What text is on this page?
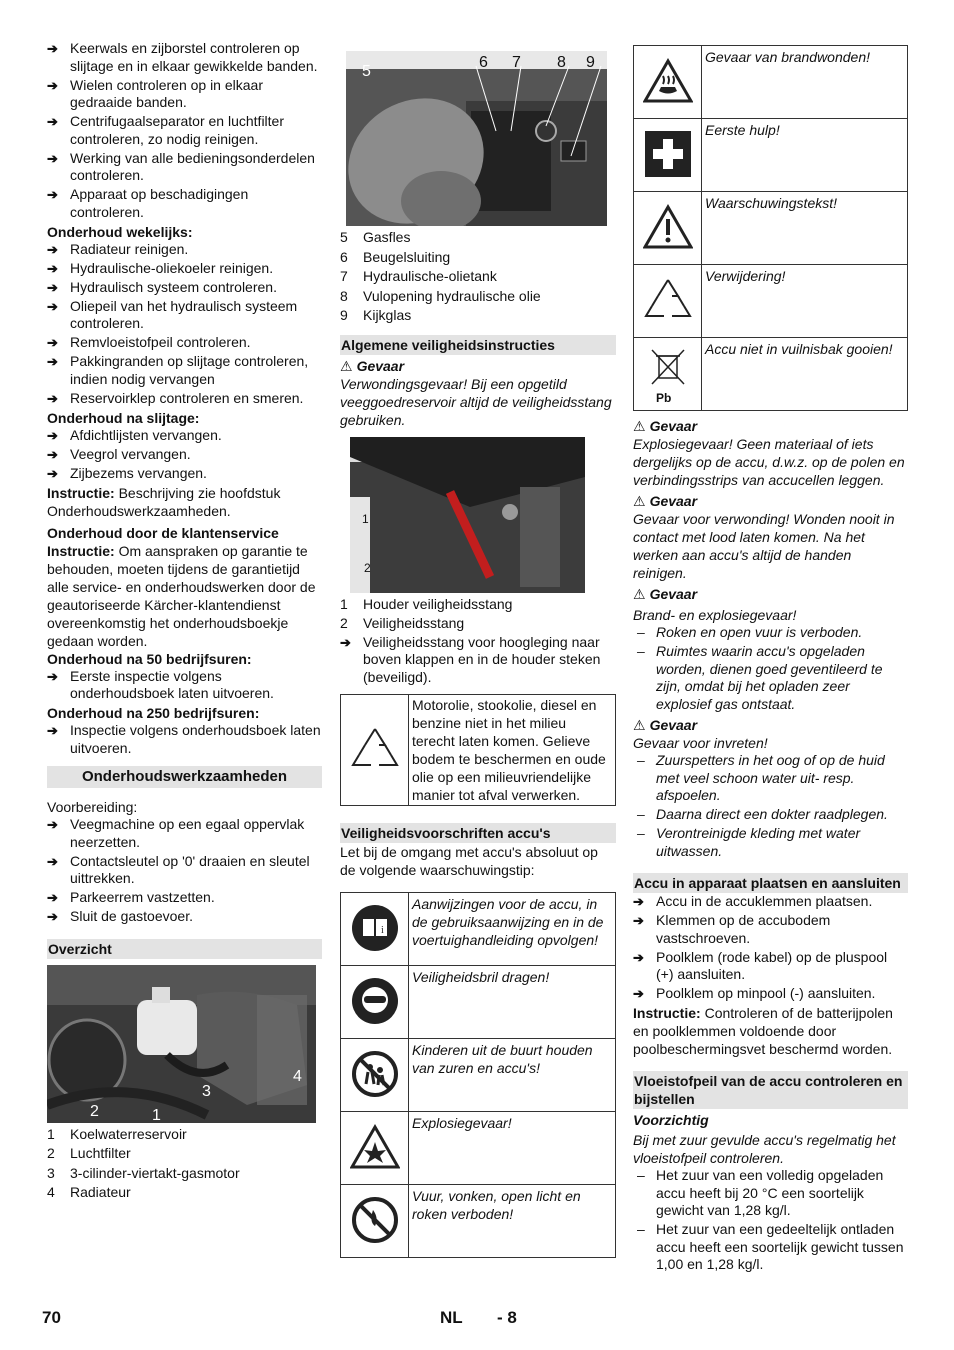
➔ Keerwals en zijborstel controleren op slijtage en in elkaar gewikkelde banden.
➔ Wielen controleren op in elkaar gedraaide banden.
➔ Centrifugaalseparator en luchtfilter controleren, zo nodig reinigen.
➔ Werking van alle bedieningsonderdelen controleren.
➔ Apparaat op beschadigingen controleren.
Onderhoud wekelijks:
➔ Radiateur reinigen.
➔ Hydraulische-oliekoeler reinigen.
➔ Hydraulisch systeem controleren.
➔ Oliepeil van het hydraulisch systeem controleren.
➔ Remvloeistofpeil controleren.
➔ Pakkingranden op slijtage controleren, indien nodig vervangen
➔ Reservoirklep controleren en smeren.
Onderhoud na slijtage:
➔ Afdichtlijsten vervangen.
➔ Veegrol vervangen.
➔ Zijbezems vervangen.
Instructie: Beschrijving zie hoofdstuk Onderhoudswerkzaamheden.
Onderhoud door de klantenservice
Instructie: Om aanspraken op garantie te behouden, moeten tijdens de garantietijd alle service- en onderhoudswerken door de geautoriseerde Kärcher-klantendienst overeenkomstig het onderhoudsboekje gedaan worden.
Onderhoud na 50 bedrijfsuren:
➔ Eerste inspectie volgens onderhoudsboek laten uitvoeren.
Onderhoud na 250 bedrijfsuren:
➔ Inspectie volgens onderhoudsboek laten uitvoeren.
Onderhoudswerkzaamheden
Voorbereiding:
➔ Veegmachine op een egaal oppervlak neerzetten.
➔ Contactsleutel op '0' draaien en sleutel uittrekken.
➔ Parkeerrem vastzetten.
➔ Sluit de gastoevoer.
Overzicht
2	1
3
4
1	Koelwaterreservoir
2	Luchtfilter
3	3-cilinder-viertakt-gasmotor
4	Radiateur
5
6 7 8 9
5	Gasfles
6	Beugelsluiting
7	Hydraulische-olietank
8	Vulopening hydraulische olie
9	Kijkglas
Algemene veiligheidsinstructies
⚠ Gevaar
Verwondingsgevaar! Bij een opgetild veeggoedreservoir altijd de veiligheidsstang gebruiken.
1
2
1	Houder veiligheidsstang
2	Veiligheidsstang
➔ Veiligheidsstang voor hoogleging naar boven klappen en in de houder steken (beveiligd).
	Motorolie, stookolie, diesel en benzine niet in het milieu terecht laten komen. Gelieve bodem te beschermen en oude olie op een milieuvriendelijke manier tot afval verwerken.
Veiligheidsvoorschriften accu's
Let bij de omgang met accu's absoluut op de volgende waarschuwingstip:
i	Aanwijzingen voor de accu, in de gebruiksaanwijzing en in de voertuighandleiding opvolgen!
	Veiligheidsbril dragen!
	Kinderen uit de buurt houden van zuren en accu's!
	Explosiegevaar!
	Vuur, vonken, open licht en roken verboden!
	Gevaar van brandwonden!
	Eerste hulp!
	Waarschuwingstekst!
	Verwijdering!

Pb	Accu niet in vuilnisbak gooien!
⚠ Gevaar
Explosiegevaar! Geen materiaal of iets dergelijks op de accu, d.w.z. op de polen en verbindingsstrips van accucellen leggen.
⚠ Gevaar
Gevaar voor verwonding! Wonden nooit in contact met lood laten komen. Na het werken aan accu's altijd de handen reinigen.
⚠ Gevaar
Brand- en explosiegevaar!
– Roken en open vuur is verboden.
– Ruimtes waarin accu's opgeladen worden, dienen goed geventileerd te zijn, omdat bij het opladen zeer explosief gas ontstaat.
⚠ Gevaar
Gevaar voor invreten!
– Zuurspetters in het oog of op de huid met veel schoon water uit- resp. afspoelen.
– Daarna direct een dokter raadplegen.
– Verontreinigde kleding met water uitwassen.
Accu in apparaat plaatsen en aansluiten
➔ Accu in de accuklemmen plaatsen.
➔ Klemmen op de accubodem vastschroeven.
➔ Poolklem (rode kabel) op de pluspool (+) aansluiten.
➔ Poolklem op minpool (-) aansluiten.
Instructie: Controleren of de batterijpolen en poolklemmen voldoende door poolbeschermingsvet beschermd worden.
Vloeistofpeil van de accu controleren en bijstellen
Voorzichtig
Bij met zuur gevulde accu's regelmatig het vloeistofpeil controleren.
– Het zuur van een volledig opgeladen accu heeft bij 20 °C een soortelijk gewicht van 1,28 kg/l.
– Het zuur van een gedeeltelijk ontladen accu heeft een soortelijk gewicht tussen 1,00 en 1,28 kg/l.
70	NL - 8
